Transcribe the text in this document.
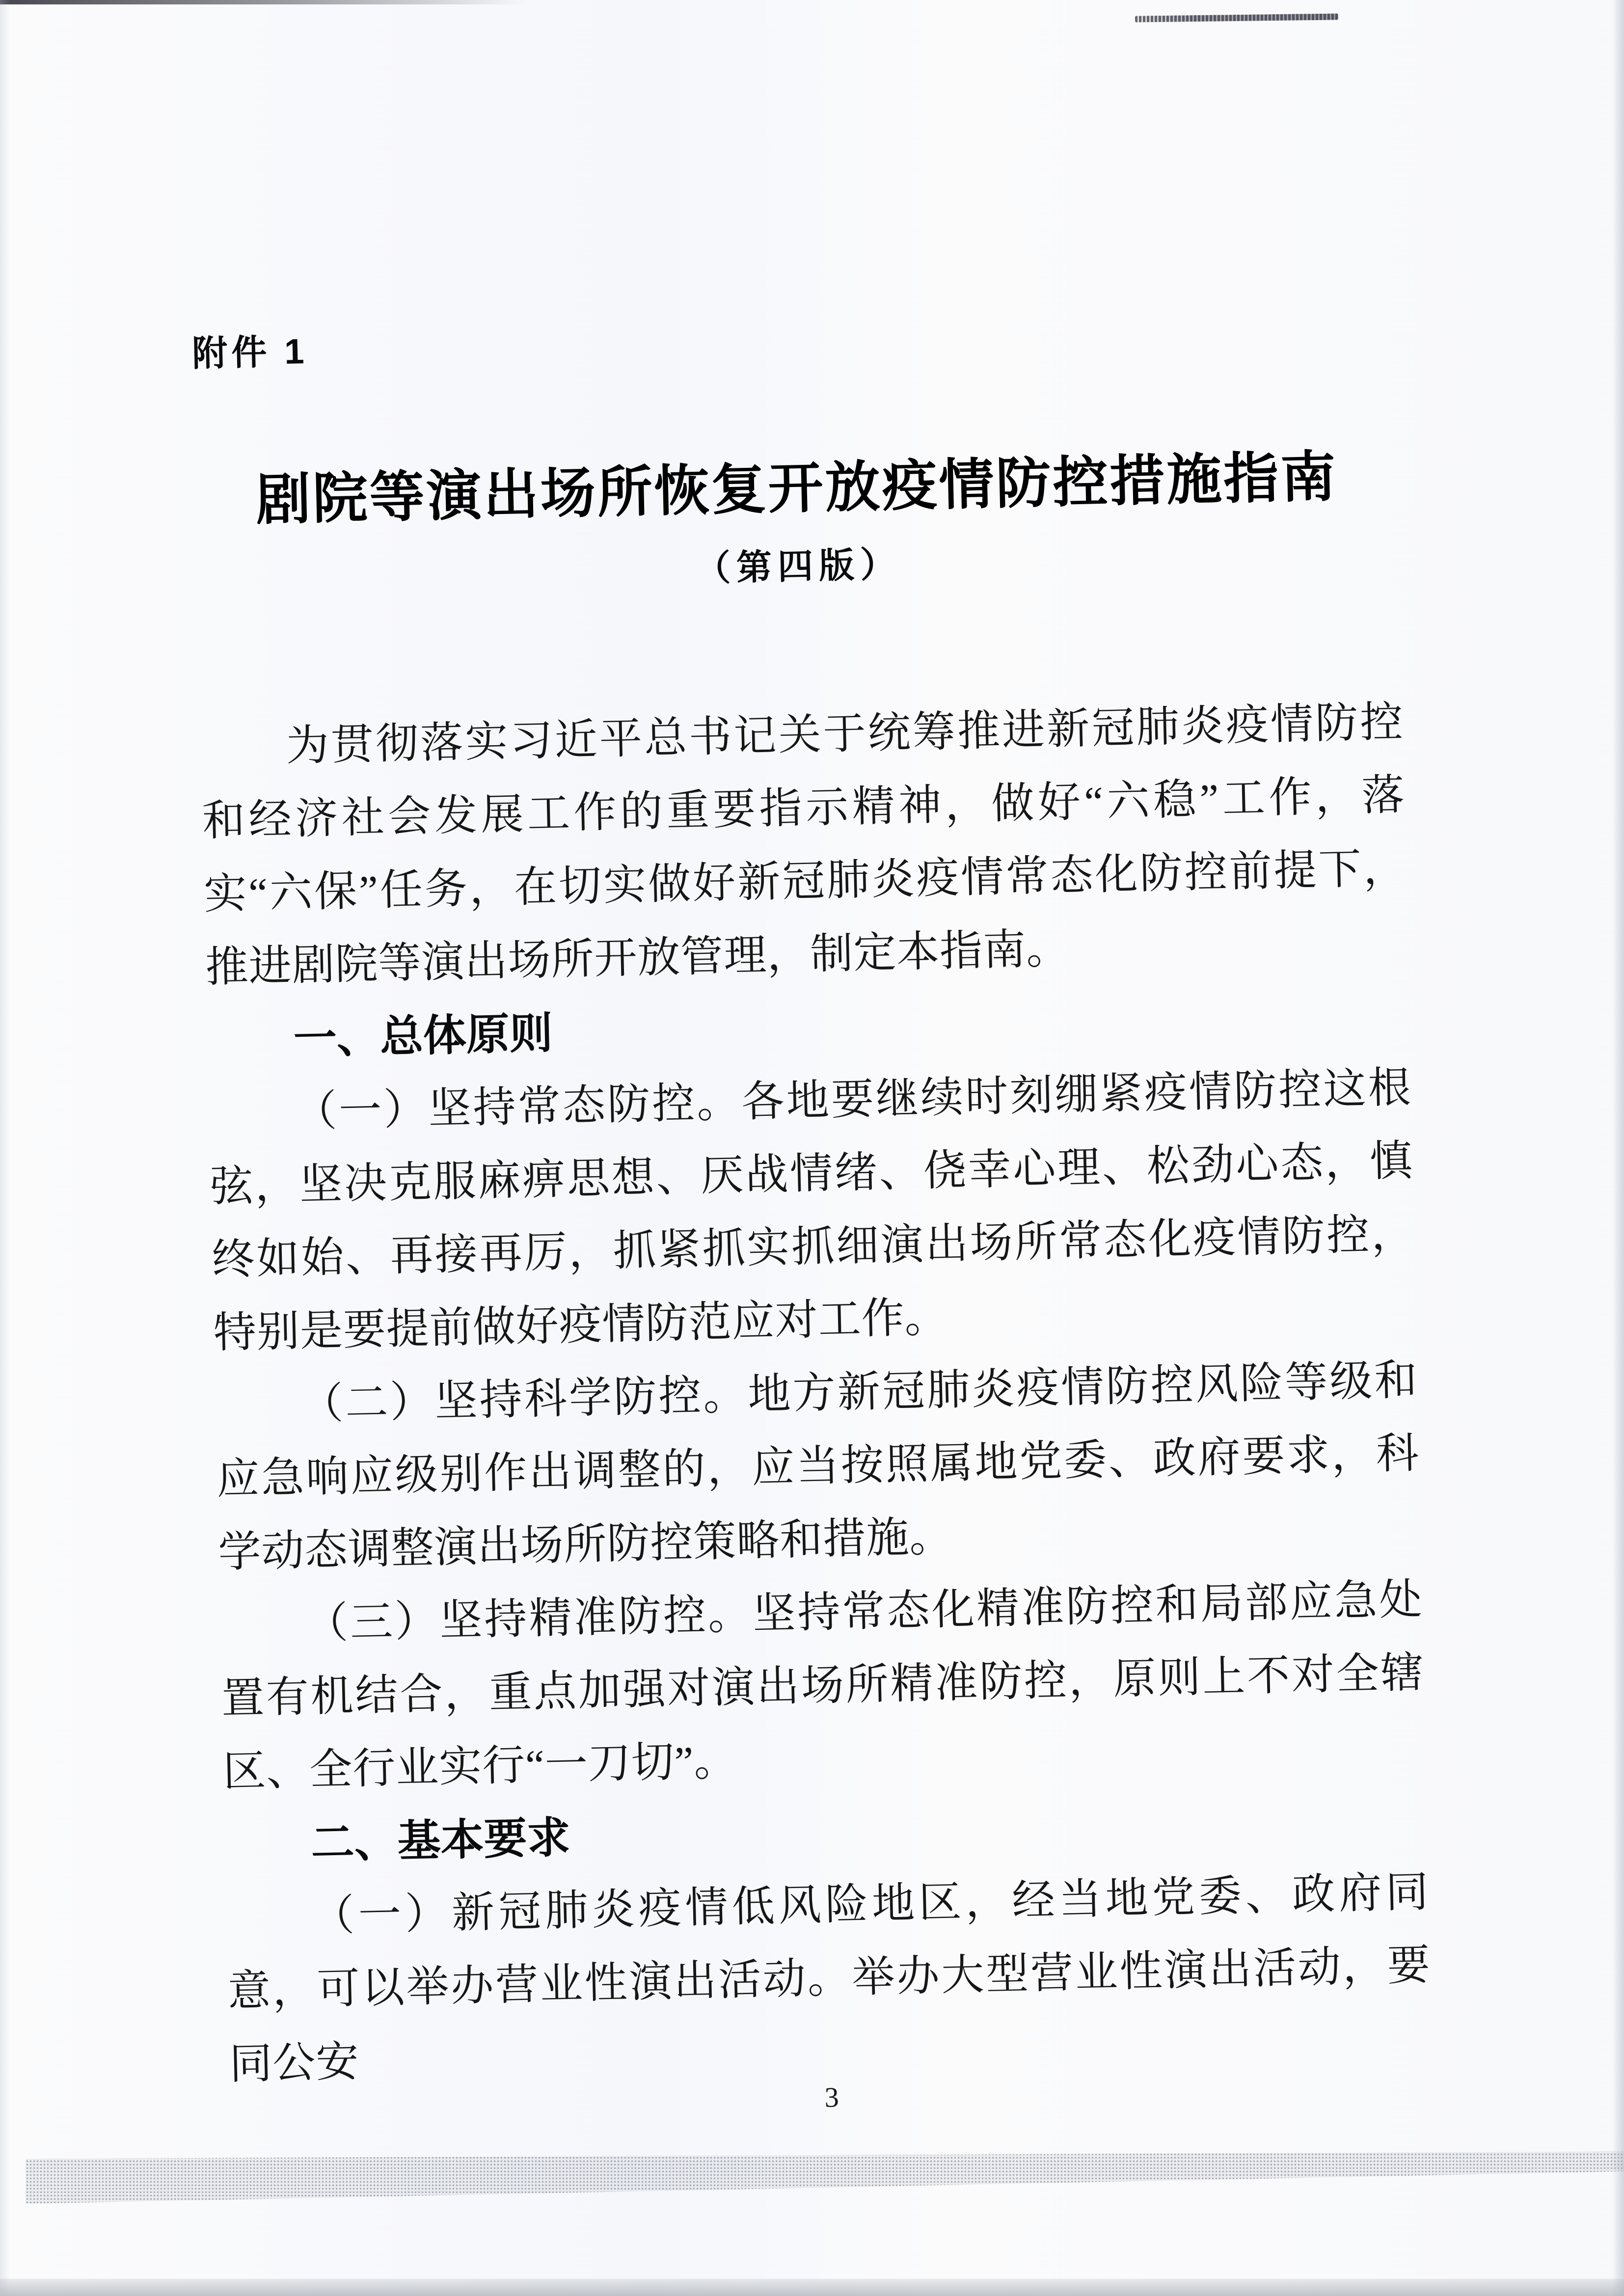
附件 1

剧院等演出场所恢复开放疫情防控措施指南

（第四版）

为贯彻落实习近平总书记关于统筹推进新冠肺炎疫情防控和经济社会发展工作的重要指示精神，做好“六稳”工作，落实“六保”任务，在切实做好新冠肺炎疫情常态化防控前提下，推进剧院等演出场所开放管理，制定本指南。

一、总体原则

（一）坚持常态防控。各地要继续时刻绷紧疫情防控这根弦，坚决克服麻痹思想、厌战情绪、侥幸心理、松劲心态，慎终如始、再接再厉，抓紧抓实抓细演出场所常态化疫情防控，特别是要提前做好疫情防范应对工作。

（二）坚持科学防控。地方新冠肺炎疫情防控风险等级和应急响应级别作出调整的，应当按照属地党委、政府要求，科学动态调整演出场所防控策略和措施。

（三）坚持精准防控。坚持常态化精准防控和局部应急处置有机结合，重点加强对演出场所精准防控，原则上不对全辖区、全行业实行“一刀切”。

二、基本要求

（一）新冠肺炎疫情低风险地区，经当地党委、政府同意，可以举办营业性演出活动。举办大型营业性演出活动，要同公安

3
